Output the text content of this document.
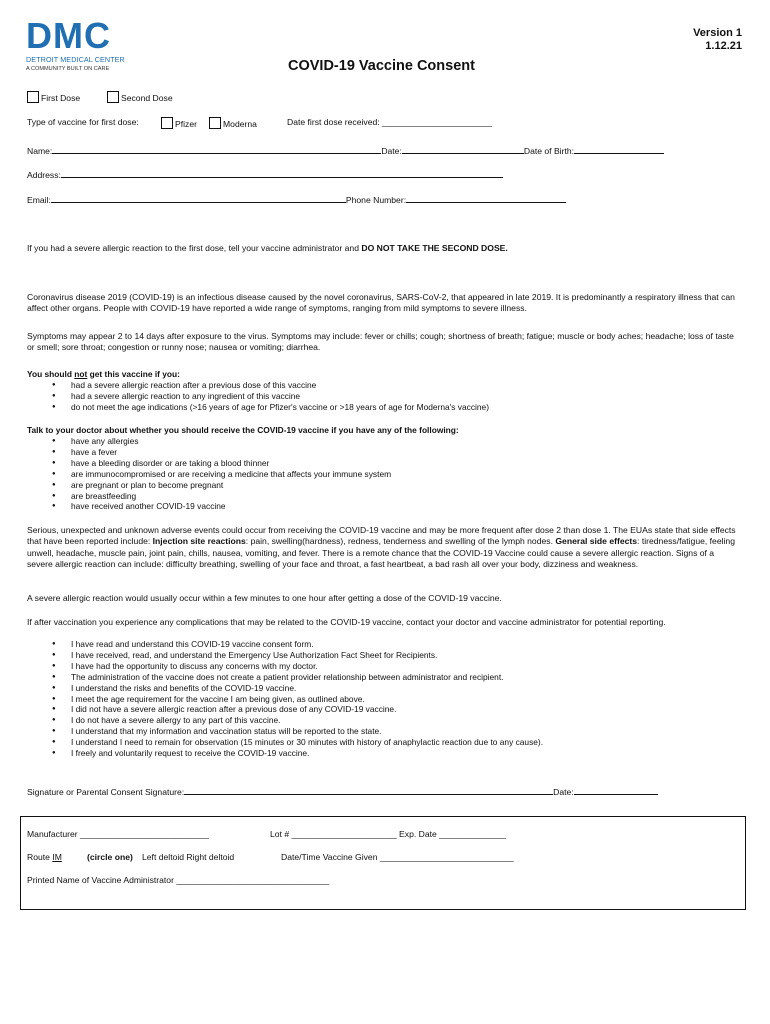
DMC
DETROIT MEDICAL CENTER
A COMMUNITY BUILT ON CARE
Version 1
1.12.21
COVID-19 Vaccine Consent
First Dose	Second Dose
Type of vaccine for first dose:	Pfizer	Moderna	Date first dose received: _______________________
Name:	Date:	Date of Birth:
Address:
Email:	Phone Number:
If you had a severe allergic reaction to the first dose, tell your vaccine administrator and DO NOT TAKE THE SECOND DOSE.
Coronavirus disease 2019 (COVID-19) is an infectious disease caused by the novel coronavirus, SARS-CoV-2, that appeared in late 2019. It is predominantly a respiratory illness that can affect other organs. People with COVID-19 have reported a wide range of symptoms, ranging from mild symptoms to severe illness.
Symptoms may appear 2 to 14 days after exposure to the virus. Symptoms may include: fever or chills; cough; shortness of breath; fatigue; muscle or body aches; headache; loss of taste or smell; sore throat; congestion or runny nose; nausea or vomiting; diarrhea.
You should not get this vaccine if you:
● had a severe allergic reaction after a previous dose of this vaccine
● had a severe allergic reaction to any ingredient of this vaccine
● do not meet the age indications (>16 years of age for Pfizer's vaccine or >18 years of age for Moderna's vaccine)
Talk to your doctor about whether you should receive the COVID-19 vaccine if you have any of the following:
● have any allergies
● have a fever
● have a bleeding disorder or are taking a blood thinner
● are immunocompromised or are receiving a medicine that affects your immune system
● are pregnant or plan to become pregnant
● are breastfeeding
● have received another COVID-19 vaccine
Serious, unexpected and unknown adverse events could occur from receiving the COVID-19 vaccine and may be more frequent after dose 2 than dose 1. The EUAs state that side effects that have been reported include: Injection site reactions: pain, swelling(hardness), redness, tenderness and swelling of the lymph nodes. General side effects: tiredness/fatigue, feeling unwell, headache, muscle pain, joint pain, chills, nausea, vomiting, and fever. There is a remote chance that the COVID-19 Vaccine could cause a severe allergic reaction. Signs of a severe allergic reaction can include: difficulty breathing, swelling of your face and throat, a fast heartbeat, a bad rash all over your body, dizziness and weakness.
A severe allergic reaction would usually occur within a few minutes to one hour after getting a dose of the COVID-19 vaccine.
If after vaccination you experience any complications that may be related to the COVID-19 vaccine, contact your doctor and vaccine administrator for potential reporting.
● I have read and understand this COVID-19 vaccine consent form.
● I have received, read, and understand the Emergency Use Authorization Fact Sheet for Recipients.
● I have had the opportunity to discuss any concerns with my doctor.
● The administration of the vaccine does not create a patient provider relationship between administrator and recipient.
● I understand the risks and benefits of the COVID-19 vaccine.
● I meet the age requirement for the vaccine I am being given, as outlined above.
● I did not have a severe allergic reaction after a previous dose of any COVID-19 vaccine.
● I do not have a severe allergy to any part of this vaccine.
● I understand that my information and vaccination status will be reported to the state.
● I understand I need to remain for observation (15 minutes or 30 minutes with history of anaphylactic reaction due to any cause).
● I freely and voluntarily request to receive the COVID-19 vaccine.
Signature or Parental Consent Signature:	Date:
Manufacturer ___________________________	Lot # ______________________ Exp. Date ______________
Route IM	(circle one) Left deltoid Right deltoid	Date/Time Vaccine Given ____________________________
Printed Name of Vaccine Administrator ________________________________
